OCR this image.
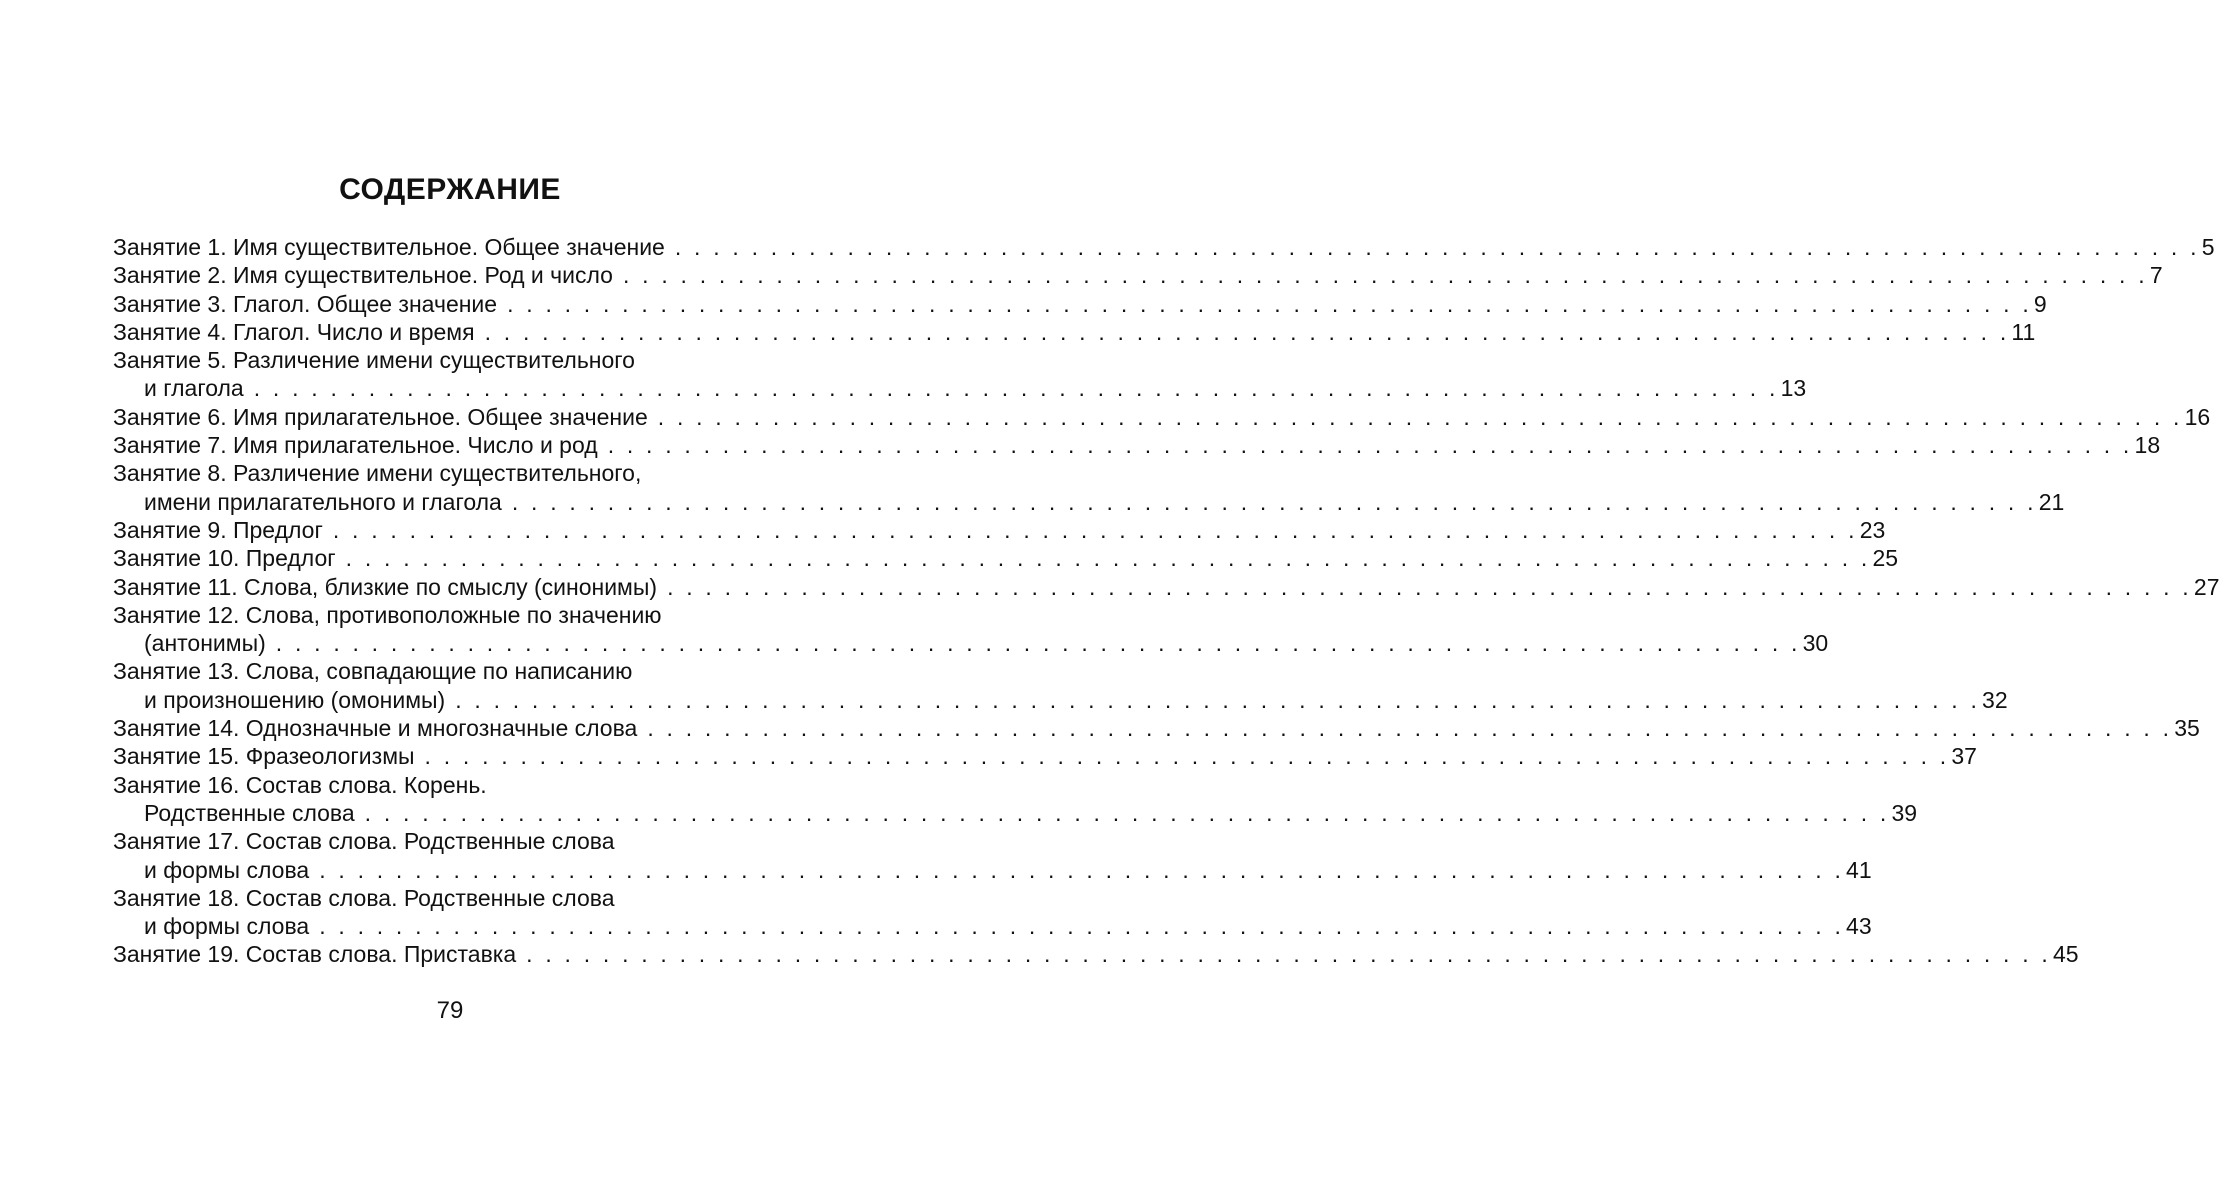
СОДЕРЖАНИЕ
Занятие 1. Имя существительное. Общее значение . . . . . . . . . . . . . . . . . . . . . . . . . . . . . . . . . . . . . . . . . . . . . . . . . . . . . . . . . . . . . . . . . . . . . . . . . . . . . . . . 5
Занятие 2. Имя существительное. Род и число . . . . . . . . . . . . . . . . . . . . . . . . . . . . . . . . . . . . . . . . . . . . . . . . . . . . . . . . . . . . . . . . . . . . . . . . . . . . . . . . 7
Занятие 3. Глагол. Общее значение . . . . . . . . . . . . . . . . . . . . . . . . . . . . . . . . . . . . . . . . . . . . . . . . . . . . . . . . . . . . . . . . . . . . . . . . . . . . . . . . 9
Занятие 4. Глагол. Число и время . . . . . . . . . . . . . . . . . . . . . . . . . . . . . . . . . . . . . . . . . . . . . . . . . . . . . . . . . . . . . . . . . . . . . . . . . . . . . . . . 11
Занятие 5. Различение имени существительного
и глагола . . . . . . . . . . . . . . . . . . . . . . . . . . . . . . . . . . . . . . . . . . . . . . . . . . . . . . . . . . . . . . . . . . . . . . . . . . . . . . . . 13
Занятие 6. Имя прилагательное. Общее значение . . . . . . . . . . . . . . . . . . . . . . . . . . . . . . . . . . . . . . . . . . . . . . . . . . . . . . . . . . . . . . . . . . . . . . . . . . . . . . . . 16
Занятие 7. Имя прилагательное. Число и род . . . . . . . . . . . . . . . . . . . . . . . . . . . . . . . . . . . . . . . . . . . . . . . . . . . . . . . . . . . . . . . . . . . . . . . . . . . . . . . . 18
Занятие 8. Различение имени существительного,
имени прилагательного и глагола . . . . . . . . . . . . . . . . . . . . . . . . . . . . . . . . . . . . . . . . . . . . . . . . . . . . . . . . . . . . . . . . . . . . . . . . . . . . . . . . 21
Занятие 9. Предлог . . . . . . . . . . . . . . . . . . . . . . . . . . . . . . . . . . . . . . . . . . . . . . . . . . . . . . . . . . . . . . . . . . . . . . . . . . . . . . . . 23
Занятие 10. Предлог . . . . . . . . . . . . . . . . . . . . . . . . . . . . . . . . . . . . . . . . . . . . . . . . . . . . . . . . . . . . . . . . . . . . . . . . . . . . . . . . 25
Занятие 11. Слова, близкие по смыслу (синонимы) . . . . . . . . . . . . . . . . . . . . . . . . . . . . . . . . . . . . . . . . . . . . . . . . . . . . . . . . . . . . . . . . . . . . . . . . . . . . . . . . 27
Занятие 12. Слова, противоположные по значению
(антонимы) . . . . . . . . . . . . . . . . . . . . . . . . . . . . . . . . . . . . . . . . . . . . . . . . . . . . . . . . . . . . . . . . . . . . . . . . . . . . . . . . 30
Занятие 13. Слова, совпадающие по написанию
и произношению (омонимы) . . . . . . . . . . . . . . . . . . . . . . . . . . . . . . . . . . . . . . . . . . . . . . . . . . . . . . . . . . . . . . . . . . . . . . . . . . . . . . . . 32
Занятие 14. Однозначные и многозначные слова . . . . . . . . . . . . . . . . . . . . . . . . . . . . . . . . . . . . . . . . . . . . . . . . . . . . . . . . . . . . . . . . . . . . . . . . . . . . . . . . 35
Занятие 15. Фразеологизмы . . . . . . . . . . . . . . . . . . . . . . . . . . . . . . . . . . . . . . . . . . . . . . . . . . . . . . . . . . . . . . . . . . . . . . . . . . . . . . . . 37
Занятие 16. Состав слова. Корень.
Родственные слова . . . . . . . . . . . . . . . . . . . . . . . . . . . . . . . . . . . . . . . . . . . . . . . . . . . . . . . . . . . . . . . . . . . . . . . . . . . . . . . . 39
Занятие 17. Состав слова. Родственные слова
и формы слова . . . . . . . . . . . . . . . . . . . . . . . . . . . . . . . . . . . . . . . . . . . . . . . . . . . . . . . . . . . . . . . . . . . . . . . . . . . . . . . . 41
Занятие 18. Состав слова. Родственные слова
и формы слова . . . . . . . . . . . . . . . . . . . . . . . . . . . . . . . . . . . . . . . . . . . . . . . . . . . . . . . . . . . . . . . . . . . . . . . . . . . . . . . . 43
Занятие 19. Состав слова. Приставка . . . . . . . . . . . . . . . . . . . . . . . . . . . . . . . . . . . . . . . . . . . . . . . . . . . . . . . . . . . . . . . . . . . . . . . . . . . . . . . . 45
79
